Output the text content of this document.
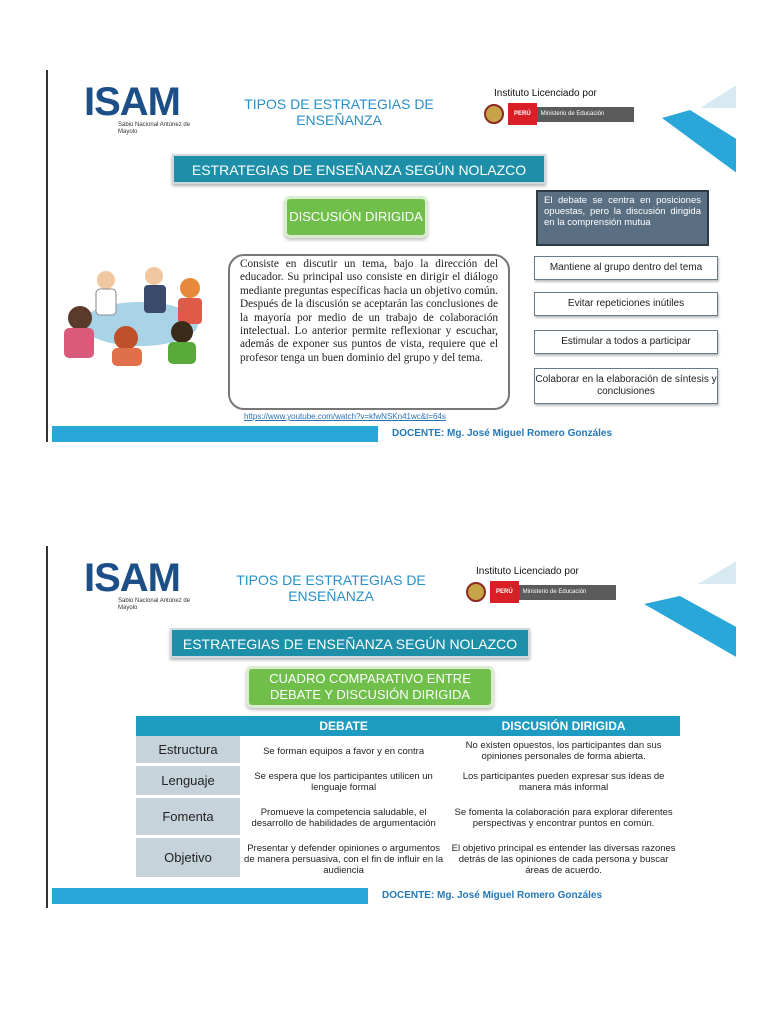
ISAM
Sabio Nacional Antúnez de Mayolo
TIPOS DE ESTRATEGIAS DE ENSEÑANZA
Instituto Licenciado por
PERÚ	Ministerio de Educación
ESTRATEGIAS DE ENSEÑANZA SEGÚN NOLAZCO
DISCUSIÓN DIRIGIDA
Consiste en discutir un tema, bajo la dirección del educador. Su principal uso consiste en dirigir el diálogo mediante preguntas específicas hacia un objetivo común. Después de la discusión se aceptarán las conclusiones de la mayoría por medio de un trabajo de colaboración intelectual. Lo anterior permite reflexionar y escuchar, además de exponer sus puntos de vista, requiere que el profesor tenga un buen dominio del grupo y del tema.
https://www.youtube.com/watch?v=kfwNSKn41wc&t=64s
El debate se centra en posiciones opuestas, pero la discusión dirigida en la comprensión mutua
Mantiene al grupo dentro del tema
Evitar repeticiones inútiles
Estimular a todos a participar
Colaborar en la elaboración de síntesis y conclusiones
DOCENTE: Mg. José Miguel Romero Gonzáles
ISAM
Sabio Nacional Antúnez de Mayolo
TIPOS DE ESTRATEGIAS DE ENSEÑANZA
Instituto Licenciado por
PERÚ	Ministerio de Educación
ESTRATEGIAS DE ENSEÑANZA SEGÚN NOLAZCO
CUADRO COMPARATIVO ENTRE DEBATE Y DISCUSIÓN DIRIGIDA
	DEBATE	DISCUSIÓN DIRIGIDA
Estructura	Se forman equipos a favor y en contra	No existen opuestos, los participantes dan sus opiniones personales de forma abierta.
Lenguaje	Se espera que los participantes utilicen un lenguaje formal	Los participantes pueden expresar sus ideas de manera más informal
Fomenta	Promueve la competencia saludable, el desarrollo de habilidades de argumentación	Se fomenta la colaboración para explorar diferentes perspectivas y encontrar puntos en común.
Objetivo	Presentar y defender opiniones o argumentos de manera persuasiva, con el fin de influir en la audiencia	El objetivo principal es entender las diversas razones detrás de las opiniones de cada persona y buscar áreas de acuerdo.
DOCENTE: Mg. José Miguel Romero Gonzáles
